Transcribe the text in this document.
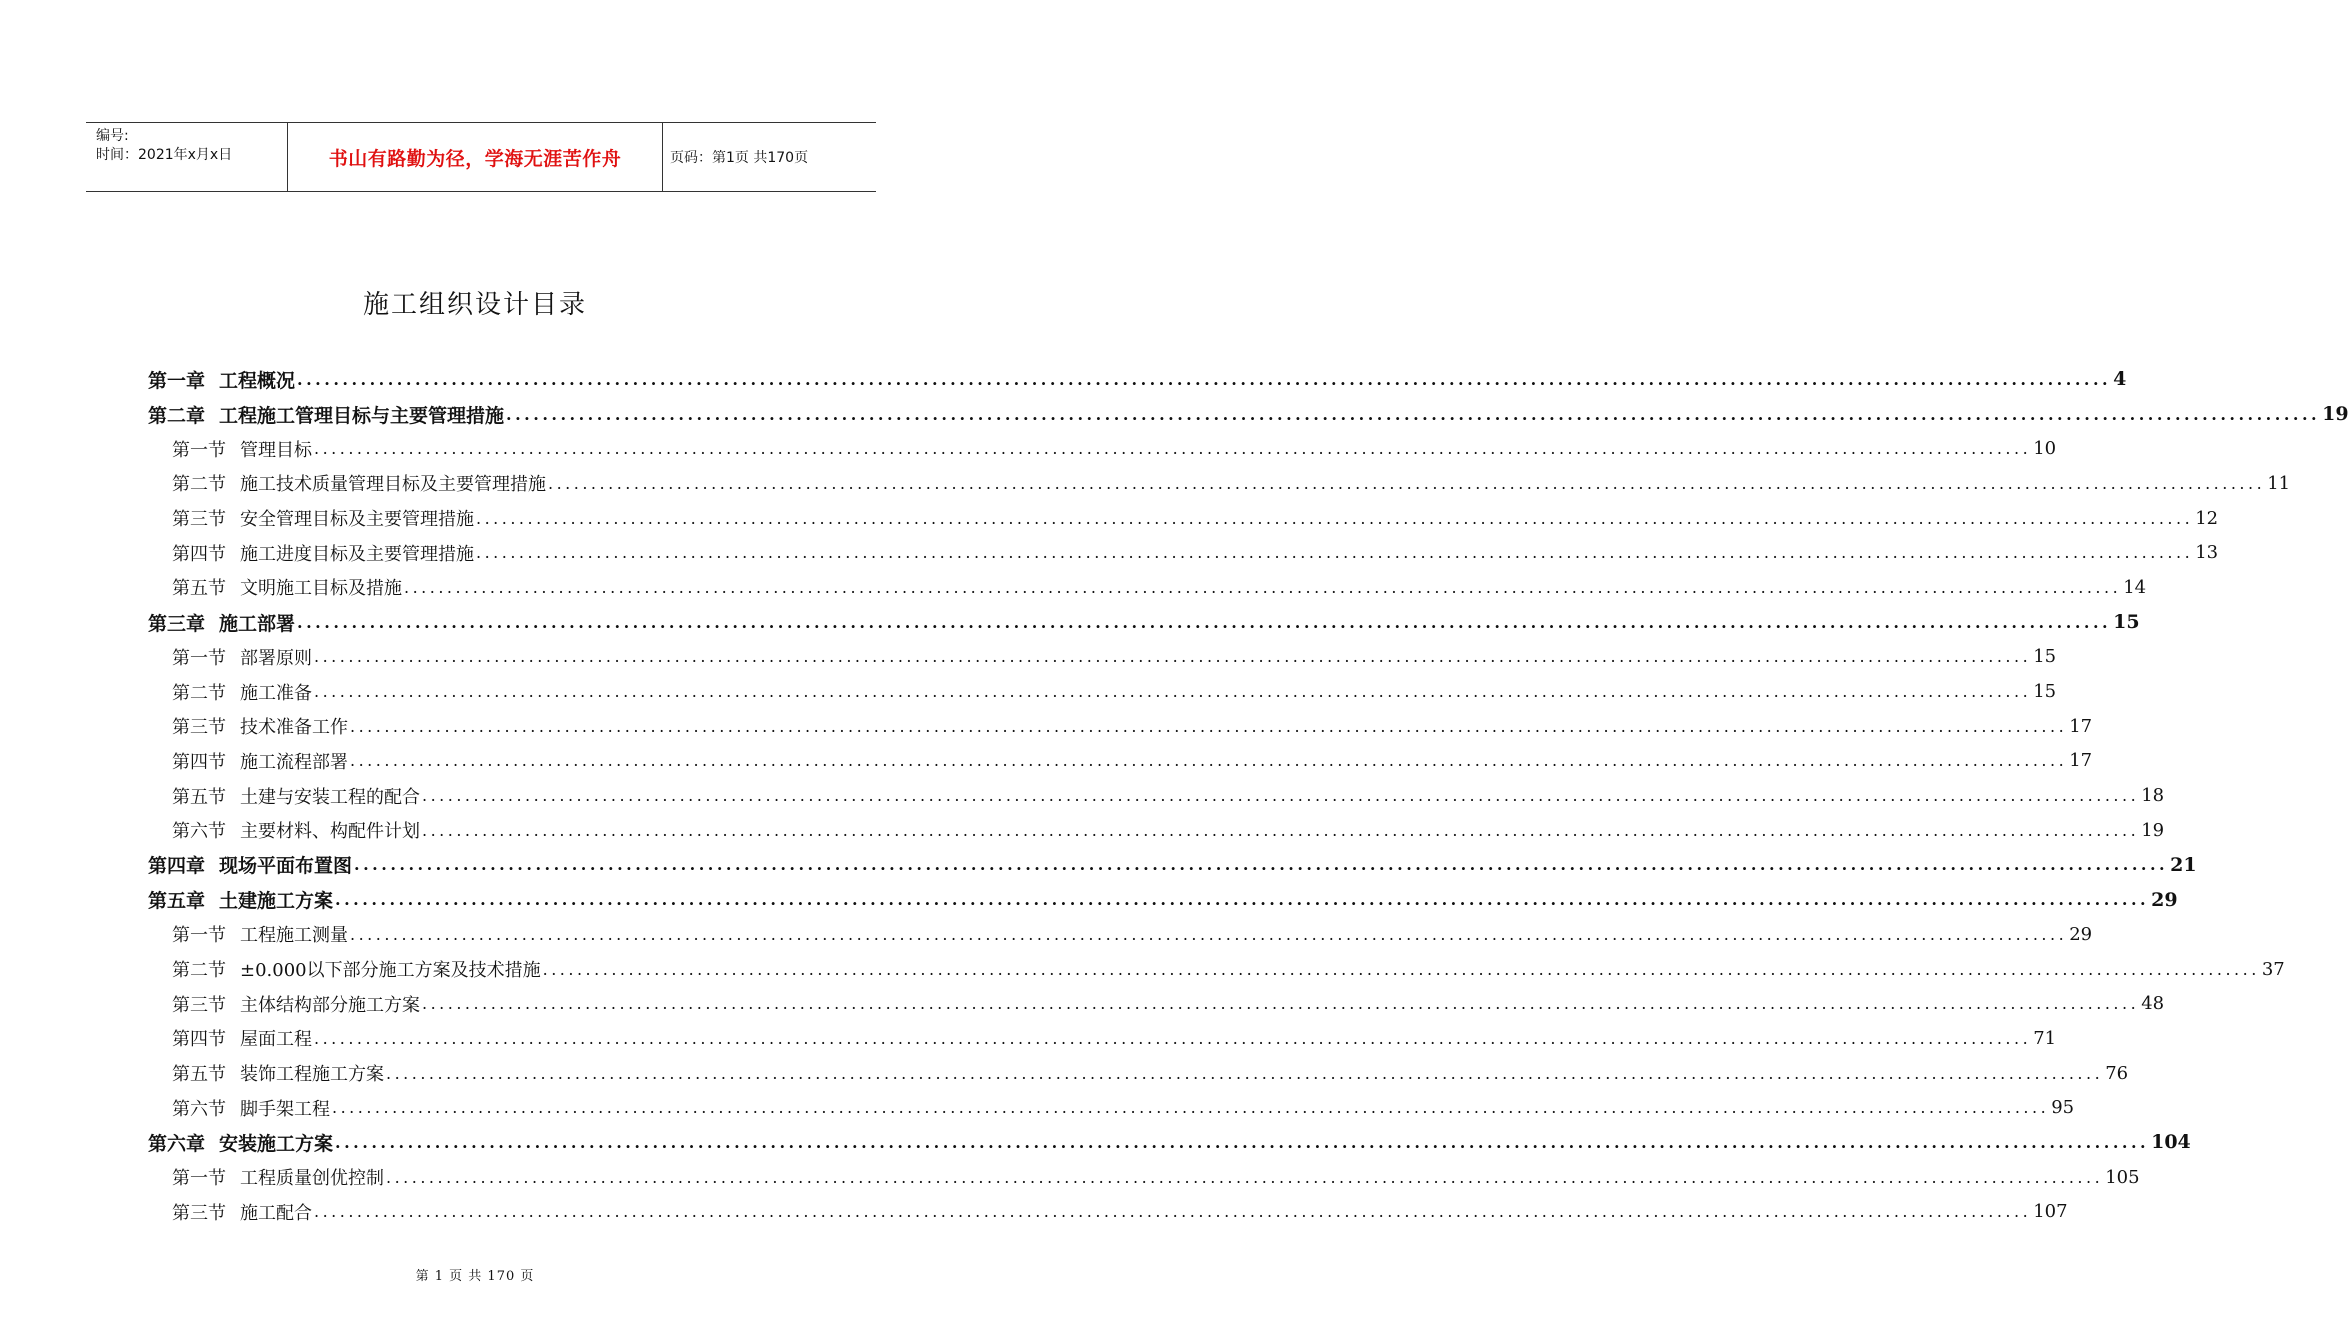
编号:
时间：2021年x月x日	书山有路勤为径，学海无涯苦作舟	页码：第1页 共170页
施工组织设计目录
第一章 工程概况 ........................................................................................................................................................................................................ 4
第二章 工程施工管理目标与主要管理措施 ........................................................................................................................................................................................................ 19
第一节 管理目标 ........................................................................................................................................................................................................ 10
第二节 施工技术质量管理目标及主要管理措施 ........................................................................................................................................................................................................ 11
第三节 安全管理目标及主要管理措施 ........................................................................................................................................................................................................ 12
第四节 施工进度目标及主要管理措施 ........................................................................................................................................................................................................ 13
第五节 文明施工目标及措施 ........................................................................................................................................................................................................ 14
第三章 施工部署 ........................................................................................................................................................................................................ 15
第一节 部署原则 ........................................................................................................................................................................................................ 15
第二节 施工准备 ........................................................................................................................................................................................................ 15
第三节 技术准备工作 ........................................................................................................................................................................................................ 17
第四节 施工流程部署 ........................................................................................................................................................................................................ 17
第五节 土建与安装工程的配合 ........................................................................................................................................................................................................ 18
第六节 主要材料、构配件计划 ........................................................................................................................................................................................................ 19
第四章 现场平面布置图 ........................................................................................................................................................................................................ 21
第五章 土建施工方案 ........................................................................................................................................................................................................ 29
第一节 工程施工测量 ........................................................................................................................................................................................................ 29
第二节 ±0.000以下部分施工方案及技术措施 ........................................................................................................................................................................................................ 37
第三节 主体结构部分施工方案 ........................................................................................................................................................................................................ 48
第四节 屋面工程 ........................................................................................................................................................................................................ 71
第五节 装饰工程施工方案 ........................................................................................................................................................................................................ 76
第六节 脚手架工程 ........................................................................................................................................................................................................ 95
第六章 安装施工方案 ........................................................................................................................................................................................................ 104
第一节 工程质量创优控制 ........................................................................................................................................................................................................ 105
第三节 施工配合 ........................................................................................................................................................................................................ 107
第 1 页 共 170 页
